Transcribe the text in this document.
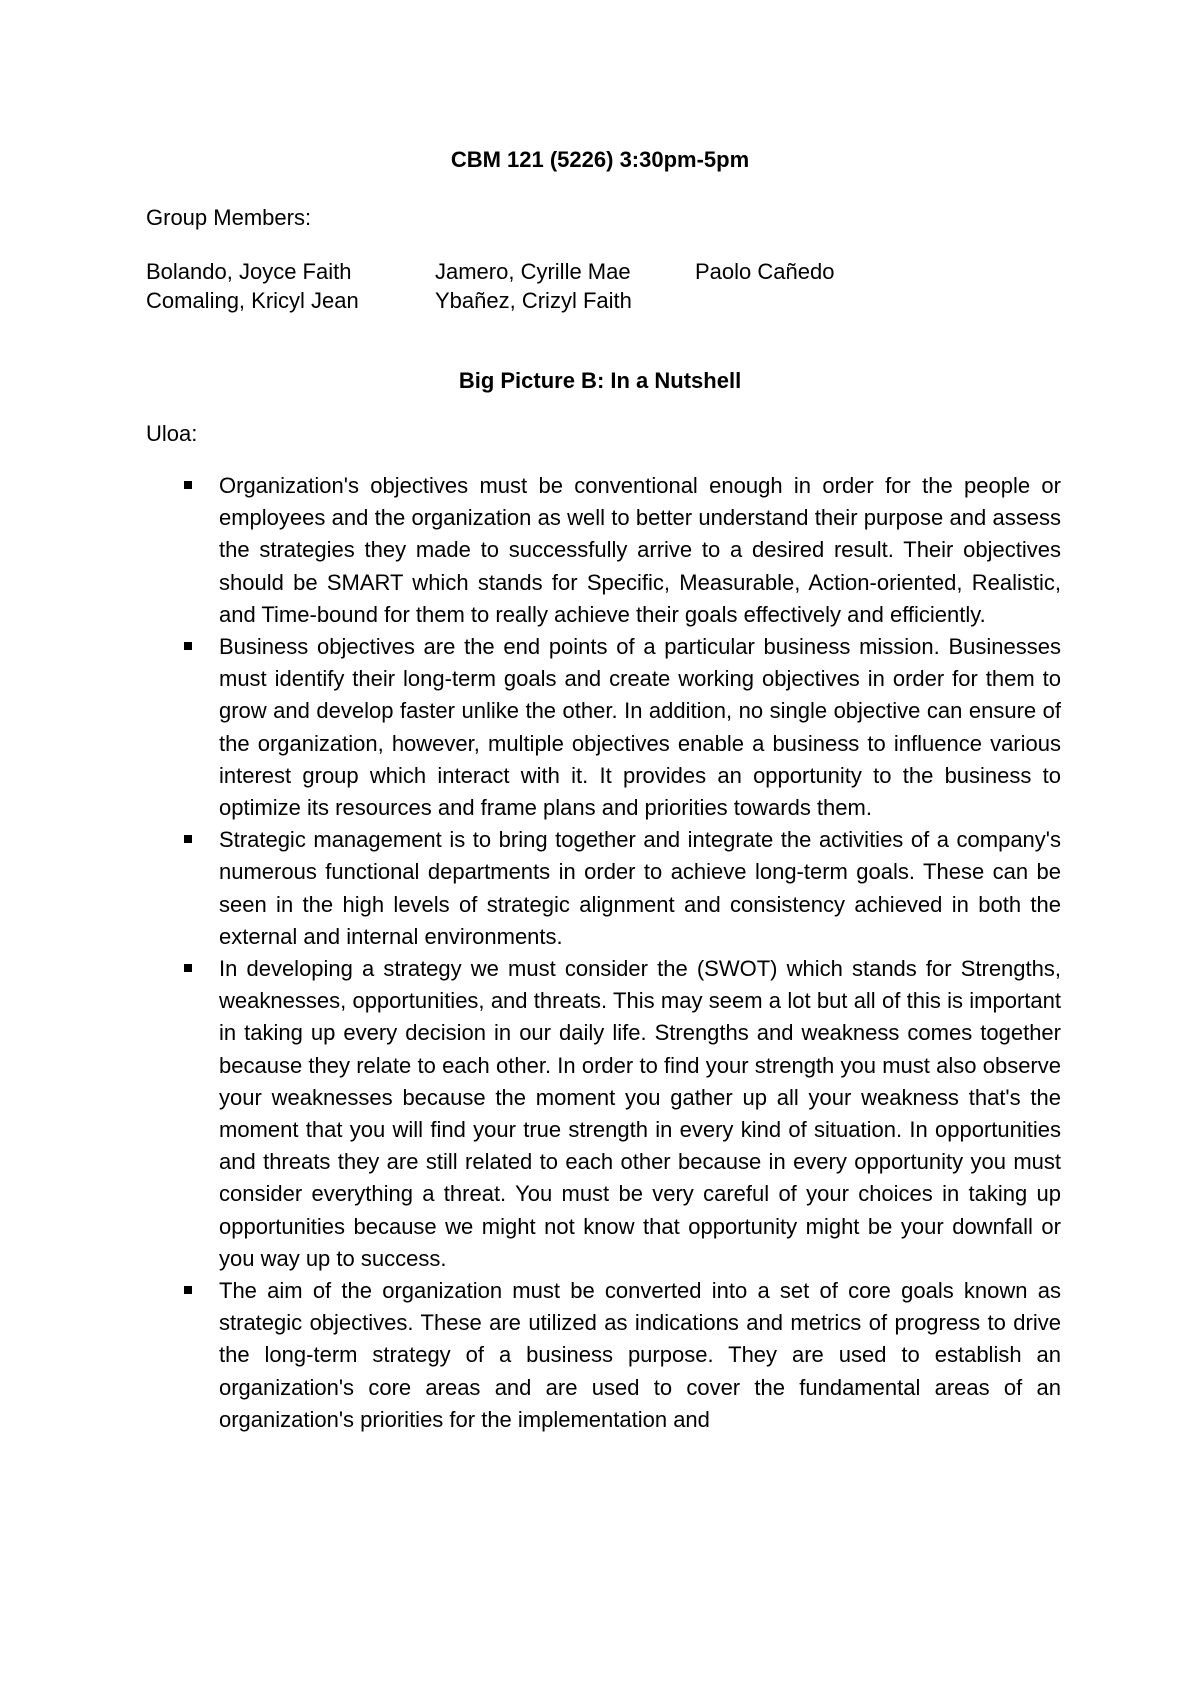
CBM 121 (5226) 3:30pm-5pm

Group Members:

Bolando, Joyce Faith	Jamero, Cyrille Mae	Paolo Cañedo
Comaling, Kricyl Jean	Ybañez, Crizyl Faith
Big Picture B: In a Nutshell

Uloa:

Organization's objectives must be conventional enough in order for the people or employees and the organization as well to better understand their purpose and assess the strategies they made to successfully arrive to a desired result. Their objectives should be SMART which stands for Specific, Measurable, Action-oriented, Realistic, and Time-bound for them to really achieve their goals effectively and efficiently.
Business objectives are the end points of a particular business mission. Businesses must identify their long-term goals and create working objectives in order for them to grow and develop faster unlike the other. In addition, no single objective can ensure of the organization, however, multiple objectives enable a business to influence various interest group which interact with it. It provides an opportunity to the business to optimize its resources and frame plans and priorities towards them.
Strategic management is to bring together and integrate the activities of a company's numerous functional departments in order to achieve long-term goals. These can be seen in the high levels of strategic alignment and consistency achieved in both the external and internal environments.
In developing a strategy we must consider the (SWOT) which stands for Strengths, weaknesses, opportunities, and threats. This may seem a lot but all of this is important in taking up every decision in our daily life. Strengths and weakness comes together because they relate to each other. In order to find your strength you must also observe your weaknesses because the moment you gather up all your weakness that's the moment that you will find your true strength in every kind of situation. In opportunities and threats they are still related to each other because in every opportunity you must consider everything a threat. You must be very careful of your choices in taking up opportunities because we might not know that opportunity might be your downfall or you way up to success.
The aim of the organization must be converted into a set of core goals known as strategic objectives. These are utilized as indications and metrics of progress to drive the long-term strategy of a business purpose. They are used to establish an organization's core areas and are used to cover the fundamental areas of an organization's priorities for the implementation and
